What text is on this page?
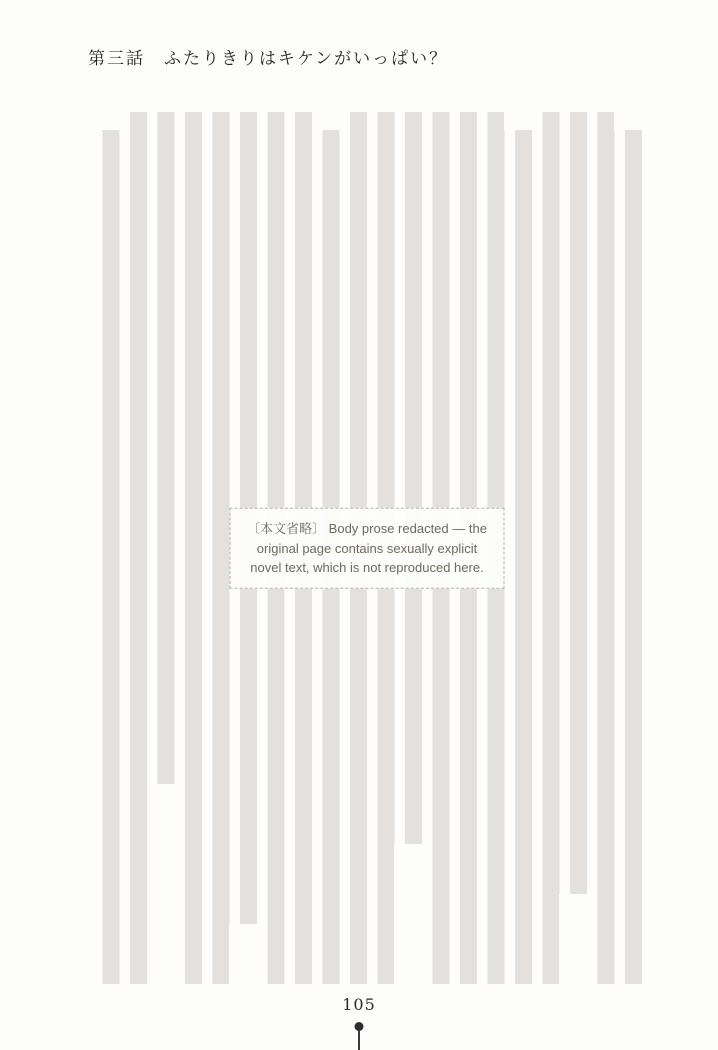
第三話　ふたりきりはキケンがいっぱい？
〔本文省略〕 Body prose redacted — the original page contains sexually explicit novel text, which is not reproduced here.
105
